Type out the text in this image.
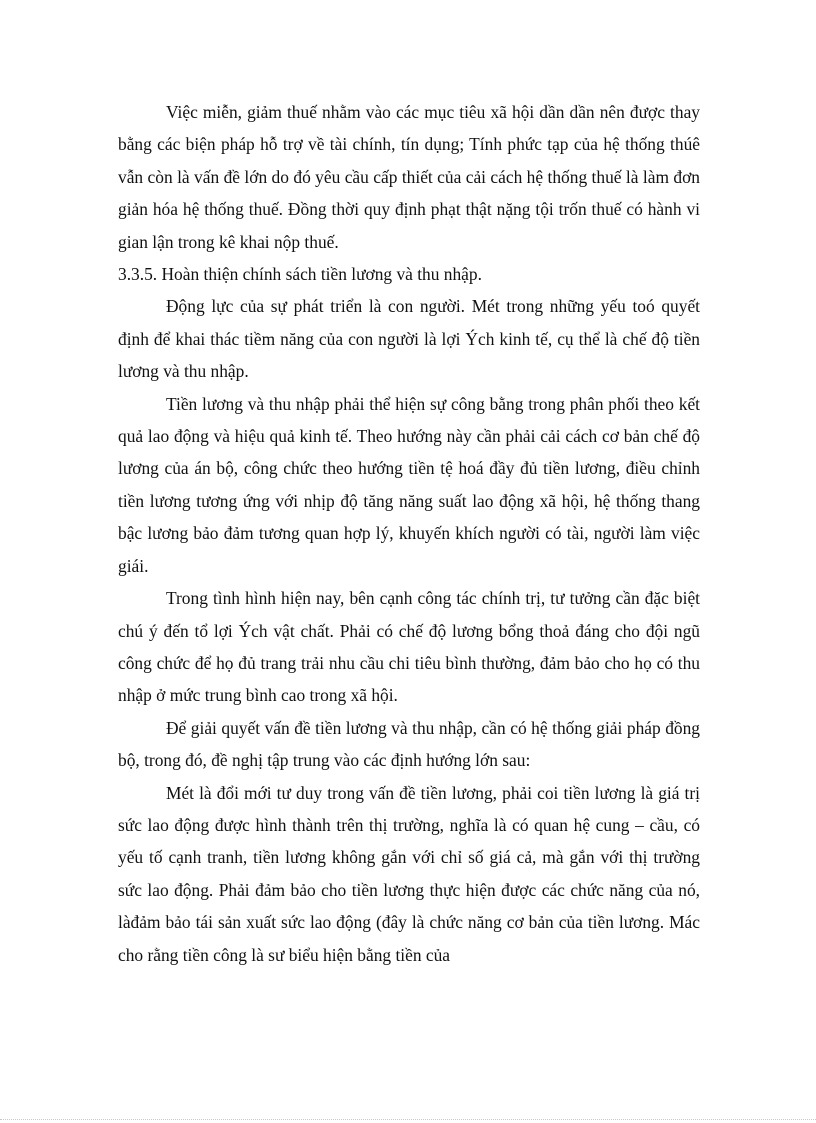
Việc miễn, giảm thuế nhằm vào các mục tiêu xã hội dần dần nên được thay bằng các biện pháp hỗ trợ về tài chính, tín dụng; Tính phức tạp của hệ thống thúê vẫn còn là vấn đề lớn do đó yêu cầu cấp thiết của cải cách hệ thống thuế là làm đơn giản hóa hệ thống thuế. Đồng thời quy định phạt thật nặng tội trốn thuế có hành vi gian lận trong kê khai nộp thuế.

3.3.5. Hoàn thiện chính sách tiền lương và thu nhập.

Động lực của sự phát triển là con người. Mét trong những yếu toó quyết định để khai thác tiềm năng của con người là lợi Ých kinh tế, cụ thể là chế độ tiền lương và thu nhập.

Tiền lương và thu nhập phải thể hiện sự công bằng trong phân phối theo kết quả lao động và hiệu quả kinh tế. Theo hướng này cần phải cải cách cơ bản chế độ lương của án bộ, công chức theo hướng tiền tệ hoá đầy đủ tiền lương, điều chỉnh tiền lương tương ứng với nhịp độ tăng năng suất lao động xã hội, hệ thống thang bậc lương bảo đảm tương quan hợp lý, khuyến khích người có tài, người làm việc giái.

Trong tình hình hiện nay, bên cạnh công tác chính trị, tư tưởng cần đặc biệt chú ý đến tổ lợi Ých vật chất. Phải có chế độ lương bổng thoả đáng cho đội ngũ công chức để họ đủ trang trải nhu cầu chi tiêu bình thường, đảm bảo cho họ có thu nhập ở mức trung bình cao trong xã hội.

Để giải quyết vấn đề tiền lương và thu nhập, cần có hệ thống giải pháp đồng bộ, trong đó, đề nghị tập trung vào các định hướng lớn sau:

Mét là đổi mới tư duy trong vấn đề tiền lương, phải coi tiền lương là giá trị sức lao động được hình thành trên thị trường, nghĩa là có quan hệ cung – cầu, có yếu tố cạnh tranh, tiền lương không gắn với chỉ số giá cả, mà gắn với thị trường sức lao động. Phải đảm bảo cho tiền lương thực hiện được các chức năng của nó, làđảm bảo tái sản xuất sức lao động (đây là chức năng cơ bản của tiền lương. Mác cho rằng tiền công là sư biểu hiện bằng tiền của
